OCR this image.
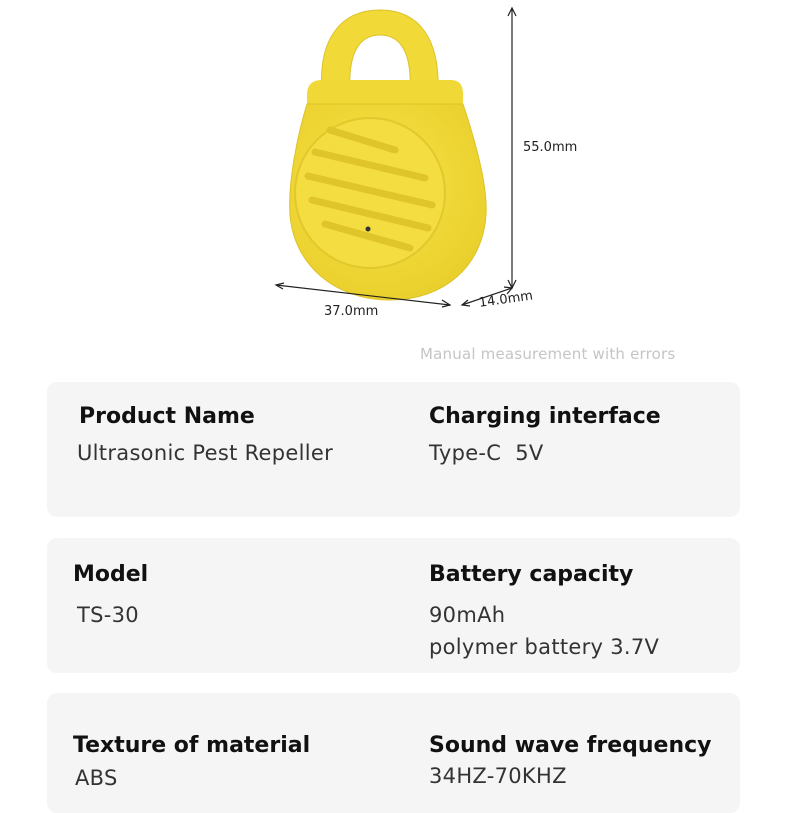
55.0mm
37.0mm
14.0mm
Manual measurement with errors
Product Name
Ultrasonic Pest Repeller
Charging interface
Type-C  5V
Model
TS-30
Battery capacity
90mAh
polymer battery 3.7V
Texture of material
ABS
Sound wave frequency
34HZ-70KHZ
